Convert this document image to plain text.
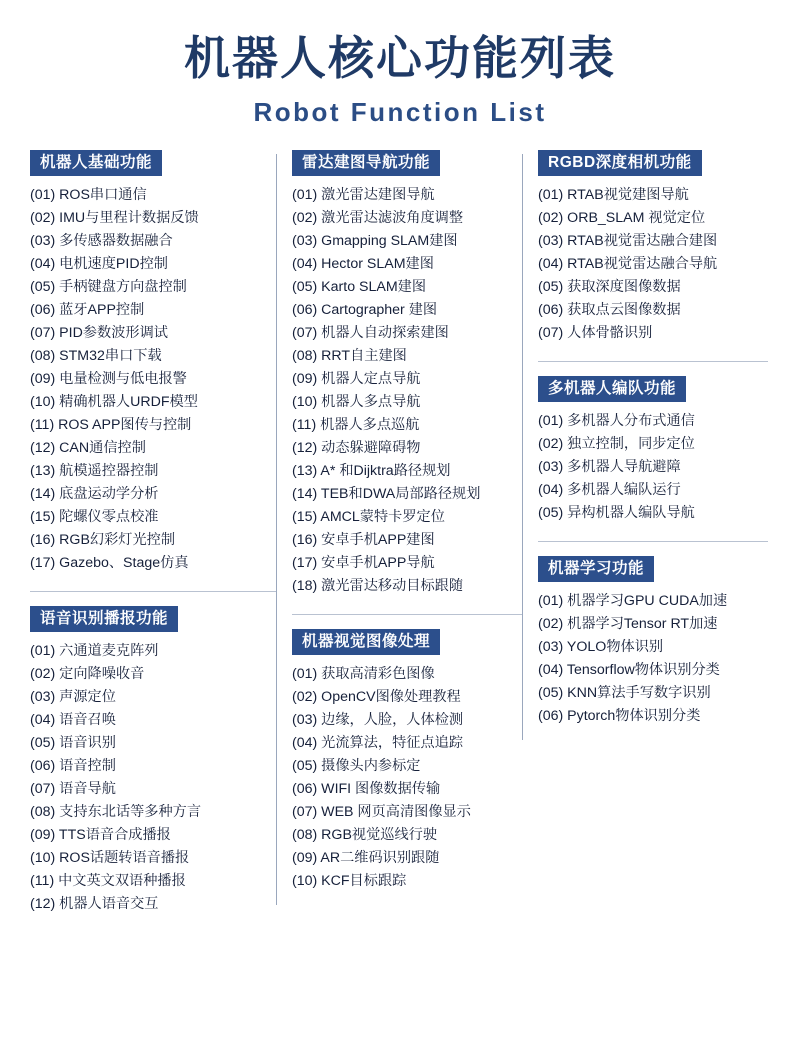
机器人核心功能列表
Robot Function List
机器人基础功能
(01) ROS串口通信
(02) IMU与里程计数据反馈
(03) 多传感器数据融合
(04) 电机速度PID控制
(05) 手柄键盘方向盘控制
(06) 蓝牙APP控制
(07) PID参数波形调试
(08) STM32串口下载
(09) 电量检测与低电报警
(10) 精确机器人URDF模型
(11) ROS APP图传与控制
(12) CAN通信控制
(13) 航模遥控器控制
(14) 底盘运动学分析
(15) 陀螺仪零点校准
(16) RGB幻彩灯光控制
(17) Gazebo、Stage仿真
语音识别播报功能
(01) 六通道麦克阵列
(02) 定向降噪收音
(03) 声源定位
(04) 语音召唤
(05) 语音识别
(06) 语音控制
(07) 语音导航
(08) 支持东北话等多种方言
(09) TTS语音合成播报
(10) ROS话题转语音播报
(11) 中文英文双语种播报
(12) 机器人语音交互
雷达建图导航功能
(01) 激光雷达建图导航
(02) 激光雷达滤波角度调整
(03) Gmapping SLAM建图
(04) Hector SLAM建图
(05) Karto SLAM建图
(06) Cartographer 建图
(07) 机器人自动探索建图
(08) RRT自主建图
(09) 机器人定点导航
(10) 机器人多点导航
(11) 机器人多点巡航
(12) 动态躲避障碍物
(13) A* 和Dijktra路径规划
(14) TEB和DWA局部路径规划
(15) AMCL蒙特卡罗定位
(16) 安卓手机APP建图
(17) 安卓手机APP导航
(18) 激光雷达移动目标跟随
机器视觉图像处理
(01) 获取高清彩色图像
(02) OpenCV图像处理教程
(03) 边缘，人脸，人体检测
(04) 光流算法，特征点追踪
(05) 摄像头内参标定
(06) WIFI 图像数据传输
(07) WEB 网页高清图像显示
(08) RGB视觉巡线行驶
(09) AR二维码识别跟随
(10) KCF目标跟踪
RGBD深度相机功能
(01) RTAB视觉建图导航
(02) ORB_SLAM 视觉定位
(03) RTAB视觉雷达融合建图
(04) RTAB视觉雷达融合导航
(05) 获取深度图像数据
(06) 获取点云图像数据
(07) 人体骨骼识别
多机器人编队功能
(01) 多机器人分布式通信
(02) 独立控制，同步定位
(03) 多机器人导航避障
(04) 多机器人编队运行
(05) 异构机器人编队导航
机器学习功能
(01) 机器学习GPU CUDA加速
(02) 机器学习Tensor RT加速
(03) YOLO物体识别
(04) Tensorflow物体识别分类
(05) KNN算法手写数字识别
(06) Pytorch物体识别分类
